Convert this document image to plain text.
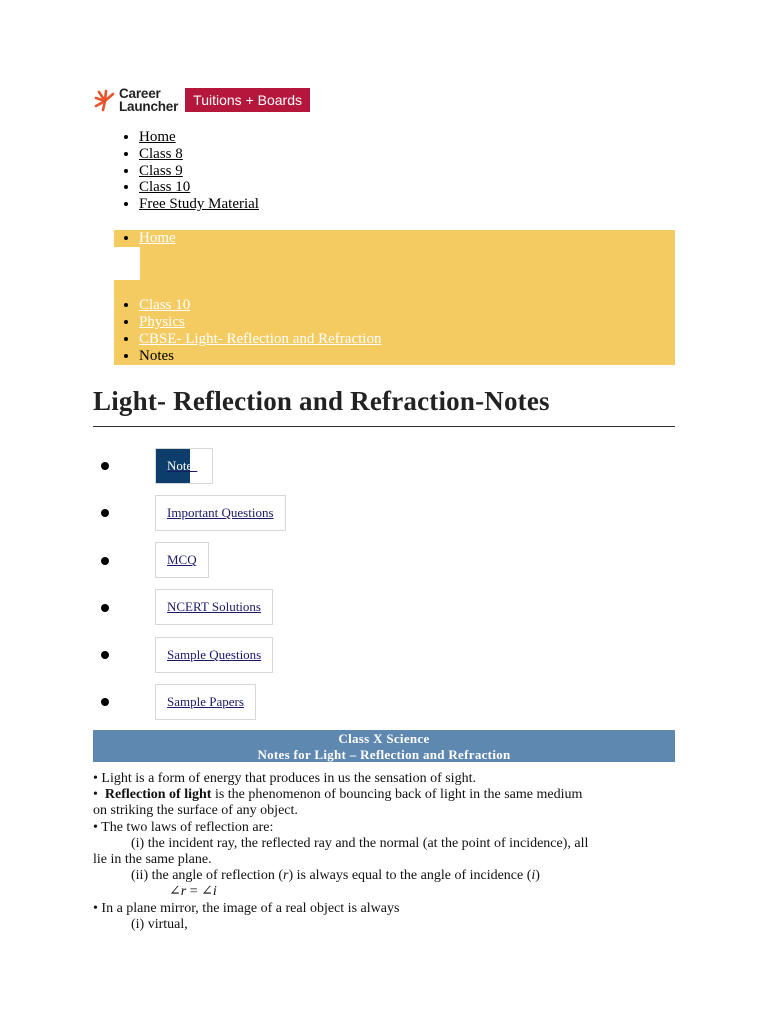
Career
Launcher	Tuitions + Boards
• Home
• Class 8
• Class 9
• Class 10
• Free Study Material
• Home
• Class 10
• Physics
• CBSE- Light- Reflection and Refraction
• Notes
Light- Reflection and Refraction-Notes
Notes
Important Questions
MCQ
NCERT Solutions
Sample Questions
Sample Papers
Class X Science
Notes for Light – Reflection and Refraction

• Light is a form of energy that produces in us the sensation of sight.

•  Reflection of light is the phenomenon of bouncing back of light in the same medium

on striking the surface of any object.

• The two laws of reflection are:

(i) the incident ray, the reflected ray and the normal (at the point of incidence), all

lie in the same plane.

(ii) the angle of reflection (r) is always equal to the angle of incidence (i)

∠r = ∠i

• In a plane mirror, the image of a real object is always

(i) virtual,
